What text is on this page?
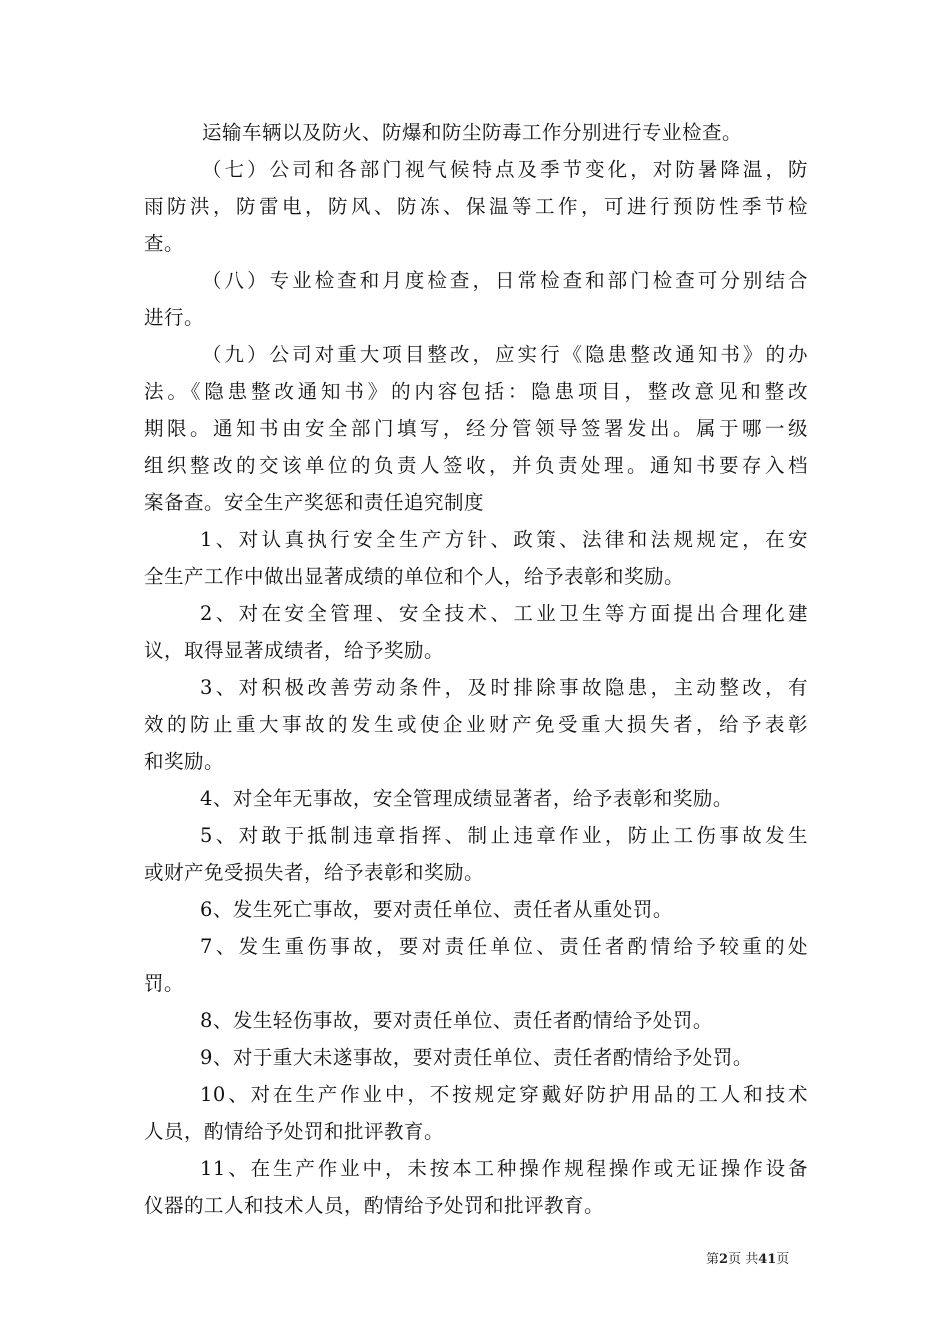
运输车辆以及防火、防爆和防尘防毒工作分别进行专业检查。
（七）公司和各部门视气候特点及季节变化，对防暑降温，防
雨防洪，防雷电，防风、防冻、保温等工作，可进行预防性季节检
查。
（八）专业检查和月度检查，日常检查和部门检查可分别结合
进行。
（九）公司对重大项目整改，应实行《隐患整改通知书》的办
法。《隐患整改通知书》的内容包括：隐患项目，整改意见和整改
期限。通知书由安全部门填写，经分管领导签署发出。属于哪一级
组织整改的交该单位的负责人签收，并负责处理。通知书要存入档
案备查。安全生产奖惩和责任追究制度
1、对认真执行安全生产方针、政策、法律和法规规定，在安
全生产工作中做出显著成绩的单位和个人，给予表彰和奖励。
2、对在安全管理、安全技术、工业卫生等方面提出合理化建
议，取得显著成绩者，给予奖励。
3、对积极改善劳动条件，及时排除事故隐患，主动整改，有
效的防止重大事故的发生或使企业财产免受重大损失者，给予表彰
和奖励。
4、对全年无事故，安全管理成绩显著者，给予表彰和奖励。
5、对敢于抵制违章指挥、制止违章作业，防止工伤事故发生
或财产免受损失者，给予表彰和奖励。
6、发生死亡事故，要对责任单位、责任者从重处罚。
7、发生重伤事故，要对责任单位、责任者酌情给予较重的处
罚。
8、发生轻伤事故，要对责任单位、责任者酌情给予处罚。
9、对于重大未遂事故，要对责任单位、责任者酌情给予处罚。
10、对在生产作业中，不按规定穿戴好防护用品的工人和技术
人员，酌情给予处罚和批评教育。
11、在生产作业中，未按本工种操作规程操作或无证操作设备
仪器的工人和技术人员，酌情给予处罚和批评教育。
第2页 共41页
